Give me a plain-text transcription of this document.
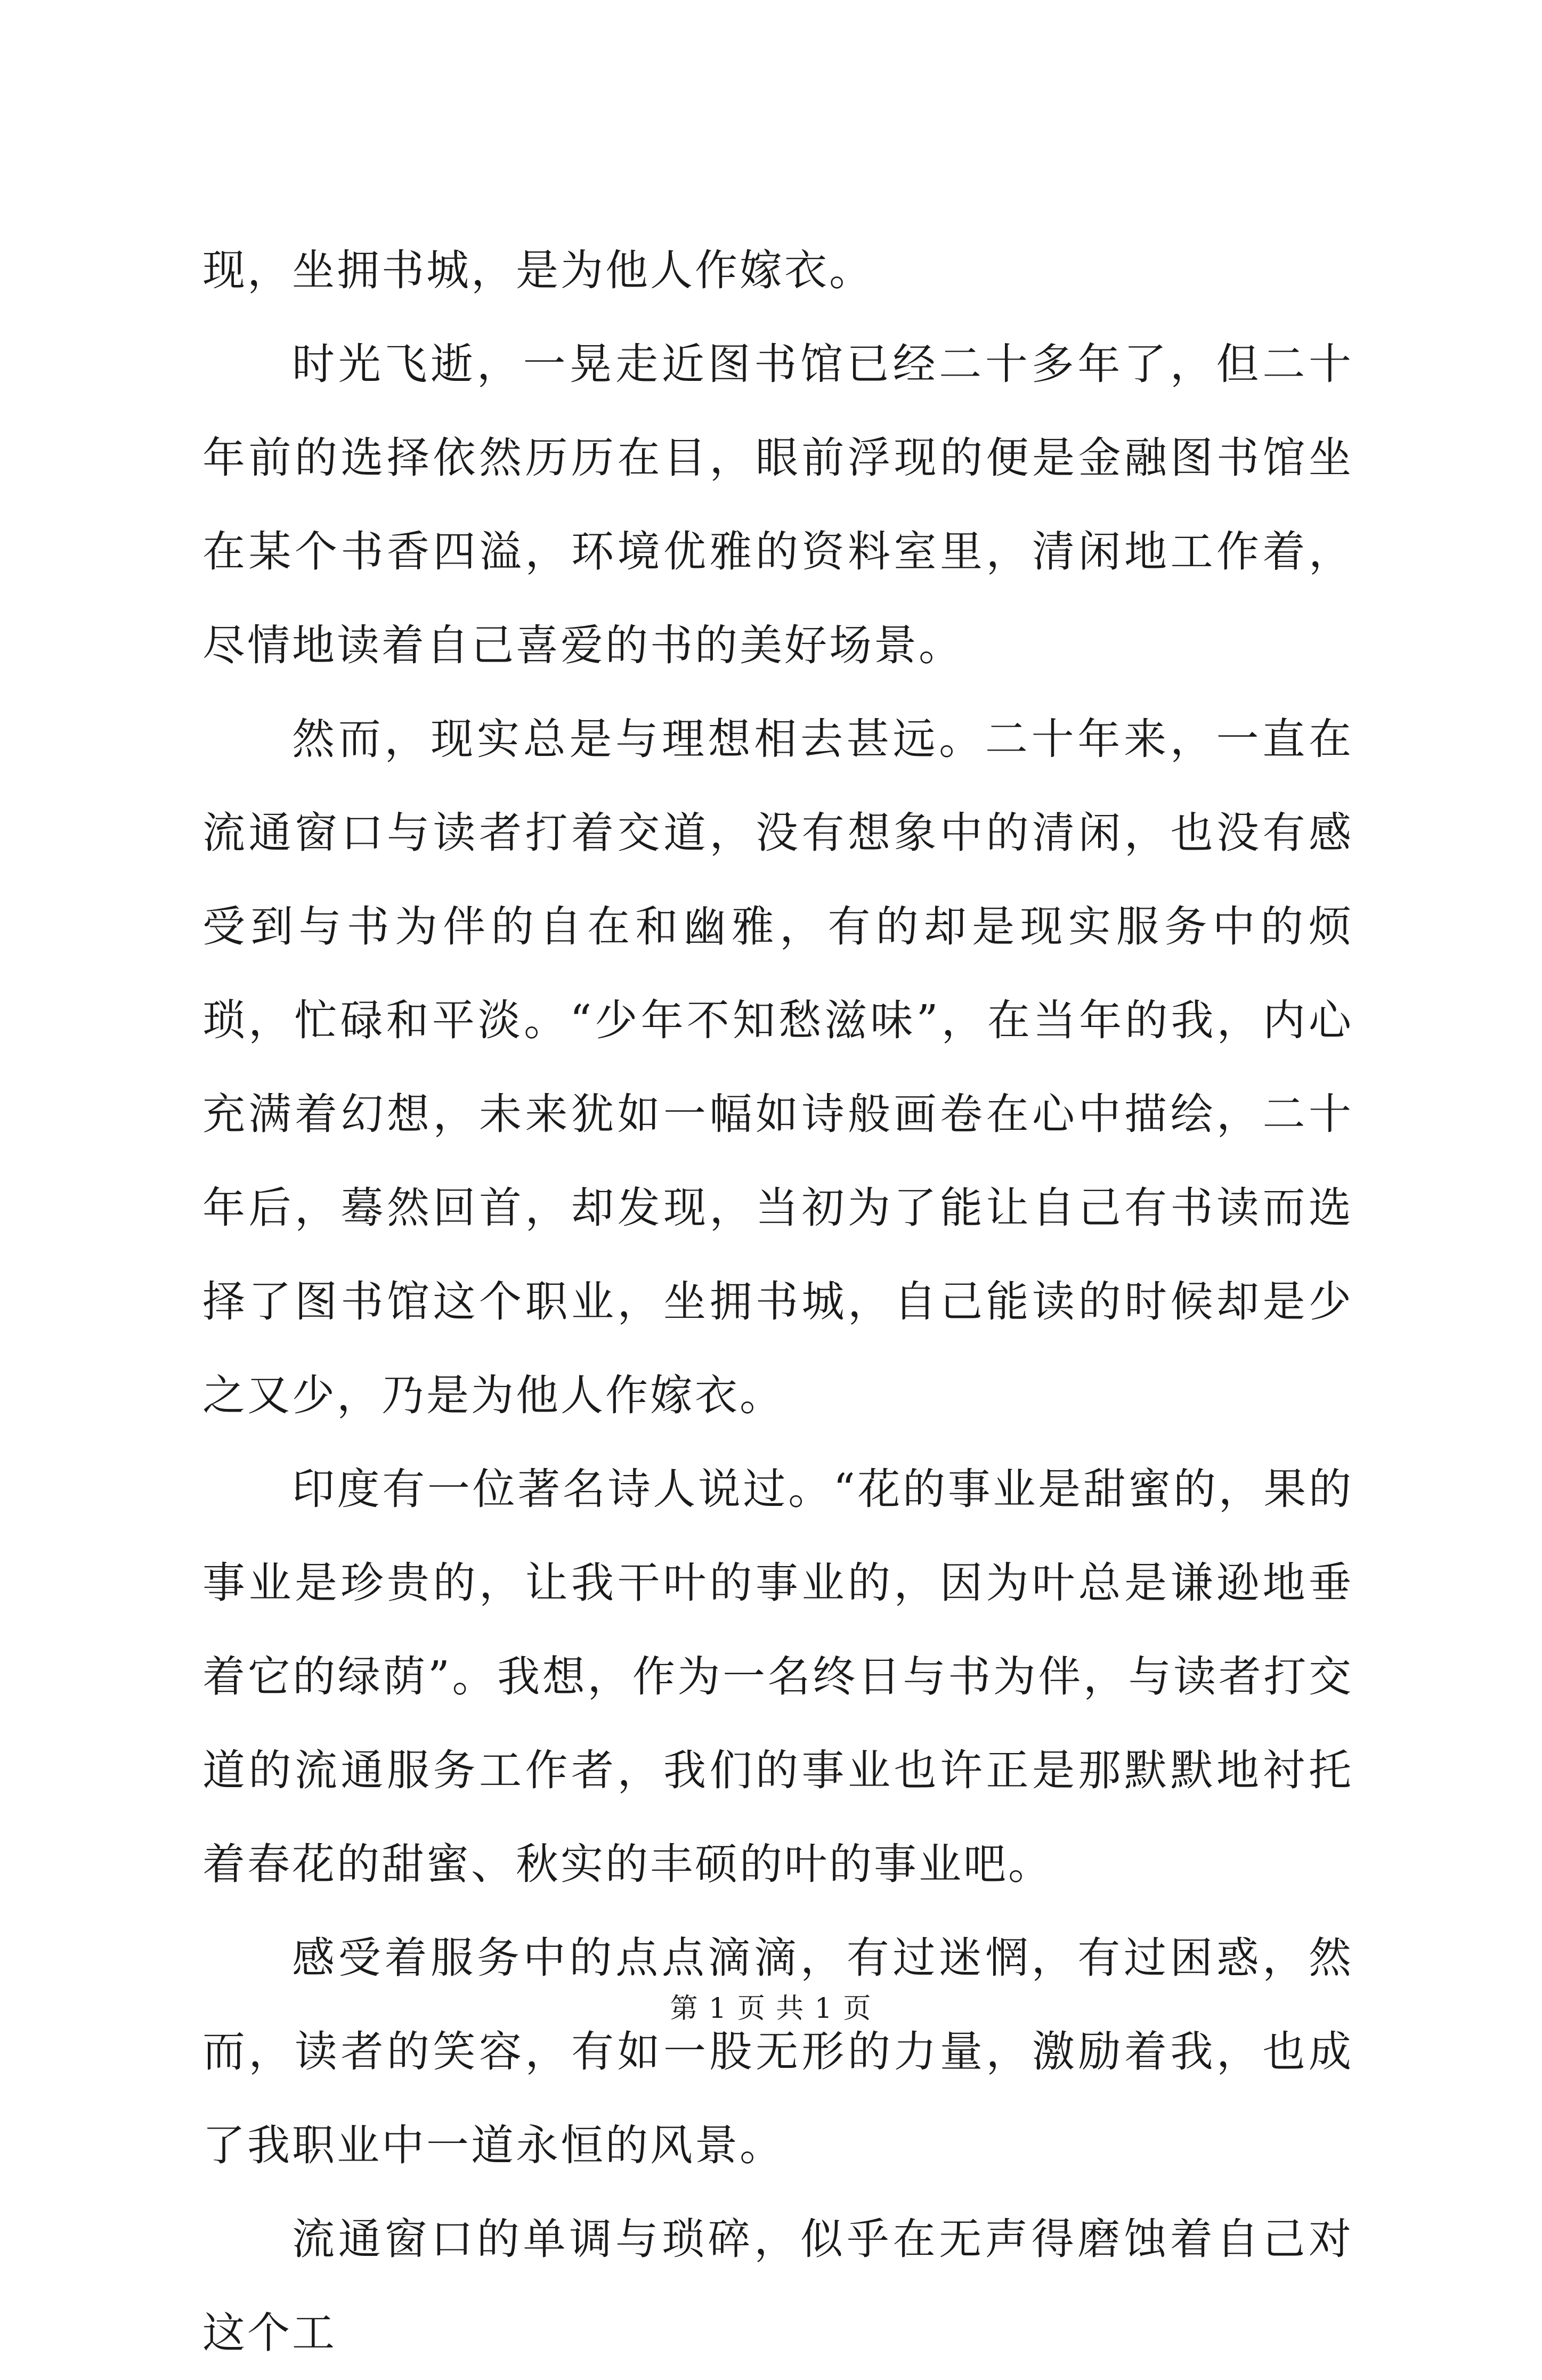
现，坐拥书城，是为他人作嫁衣。

时光飞逝，一晃走近图书馆已经二十多年了，但二十年前的选择依然历历在目，眼前浮现的便是金融图书馆坐在某个书香四溢，环境优雅的资料室里，清闲地工作着，尽情地读着自己喜爱的书的美好场景。

然而，现实总是与理想相去甚远。二十年来，一直在流通窗口与读者打着交道，没有想象中的清闲，也没有感受到与书为伴的自在和幽雅，有的却是现实服务中的烦琐，忙碌和平淡。“少年不知愁滋味”，在当年的我，内心充满着幻想，未来犹如一幅如诗般画卷在心中描绘，二十年后，蓦然回首，却发现，当初为了能让自己有书读而选择了图书馆这个职业，坐拥书城，自己能读的时候却是少之又少，乃是为他人作嫁衣。

印度有一位著名诗人说过。“花的事业是甜蜜的，果的事业是珍贵的，让我干叶的事业的，因为叶总是谦逊地垂着它的绿荫”。我想，作为一名终日与书为伴，与读者打交道的流通服务工作者，我们的事业也许正是那默默地衬托着春花的甜蜜、秋实的丰硕的叶的事业吧。

感受着服务中的点点滴滴，有过迷惘，有过困惑，然而，读者的笑容，有如一股无形的力量，激励着我，也成了我职业中一道永恒的风景。

流通窗口的单调与琐碎，似乎在无声得磨蚀着自己对这个工

第 1 页 共 1 页
